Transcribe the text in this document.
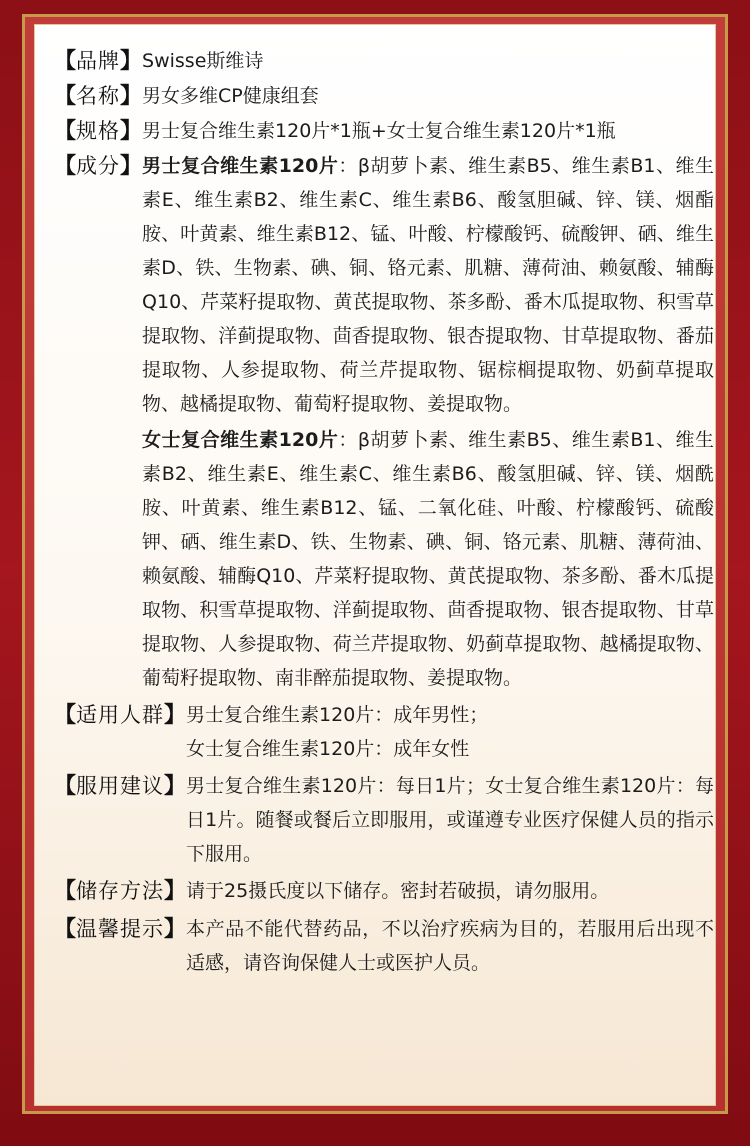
【品牌】 Swisse斯维诗
【名称】 男女多维CP健康组套
【规格】 男士复合维生素120片*1瓶+女士复合维生素120片*1瓶
【成分】 男士复合维生素120片：β胡萝卜素、维生素B5、维生素B1、维生素E、维生素B2、维生素C、维生素B6、酸氢胆碱、锌、镁、烟酯胺、叶黄素、维生素B12、锰、叶酸、柠檬酸钙、硫酸钾、硒、维生素D、铁、生物素、碘、铜、铬元素、肌糖、薄荷油、赖氨酸、辅酶Q10、芹菜籽提取物、黄芪提取物、茶多酚、番木瓜提取物、积雪草提取物、洋蓟提取物、茴香提取物、银杏提取物、甘草提取物、番茄提取物、人参提取物、荷兰芹提取物、锯棕榈提取物、奶蓟草提取物、越橘提取物、葡萄籽提取物、姜提取物。
女士复合维生素120片：β胡萝卜素、维生素B5、维生素B1、维生素B2、维生素E、维生素C、维生素B6、酸氢胆碱、锌、镁、烟酰胺、叶黄素、维生素B12、锰、二氧化硅、叶酸、柠檬酸钙、硫酸钾、硒、维生素D、铁、生物素、碘、铜、铬元素、肌糖、薄荷油、赖氨酸、辅酶Q10、芹菜籽提取物、黄芪提取物、茶多酚、番木瓜提取物、积雪草提取物、洋蓟提取物、茴香提取物、银杏提取物、甘草提取物、人参提取物、荷兰芹提取物、奶蓟草提取物、越橘提取物、葡萄籽提取物、南非醉茄提取物、姜提取物。
【适用人群】 男士复合维生素120片：成年男性；
女士复合维生素120片：成年女性
【服用建议】 男士复合维生素120片：每日1片；女士复合维生素120片：每日1片。随餐或餐后立即服用，或谨遵专业医疗保健人员的指示下服用。
【储存方法】 请于25摄氏度以下储存。密封若破损，请勿服用。
【温馨提示】 本产品不能代替药品，不以治疗疾病为目的，若服用后出现不适感，请咨询保健人士或医护人员。
